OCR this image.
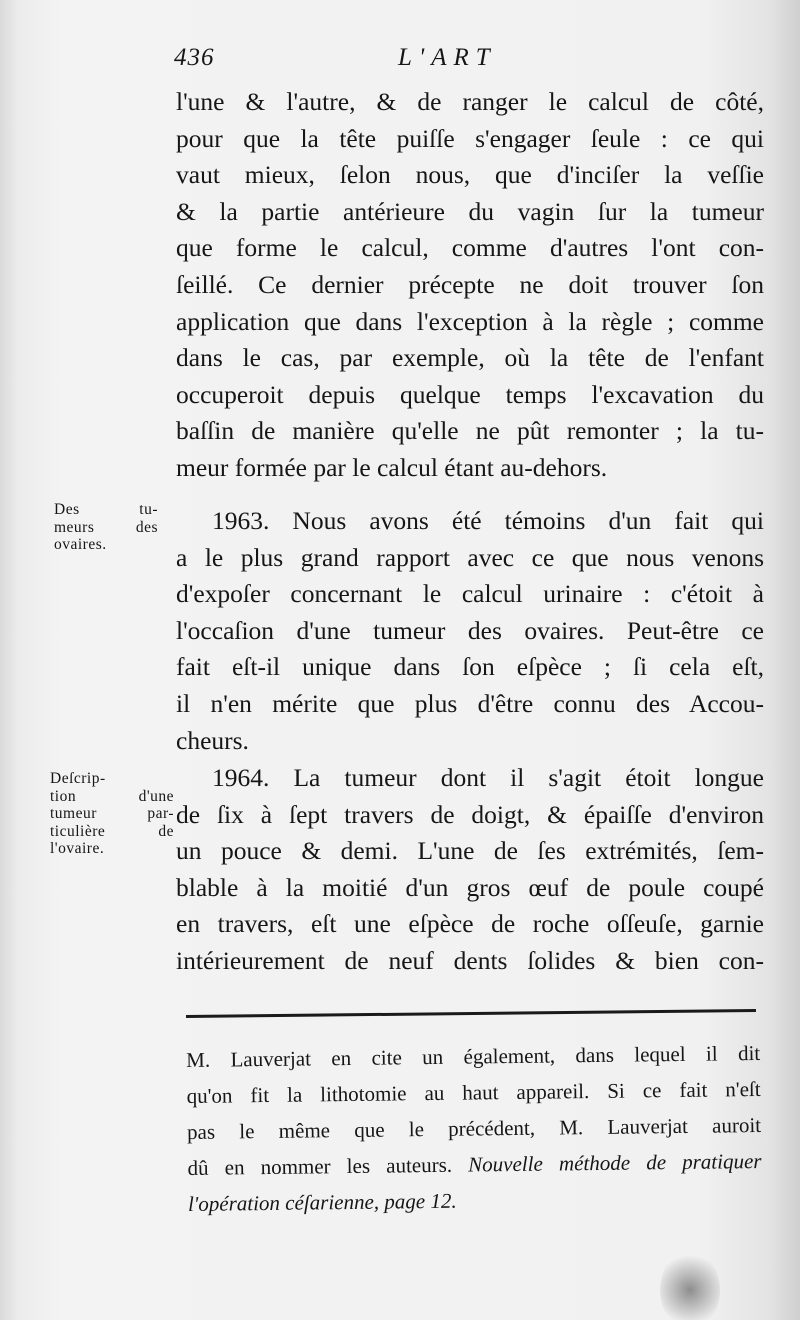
436	L'ART
l'une & l'autre, & de ranger le calcul de côté,
pour que la tête puiſſe s'engager ſeule : ce qui
vaut mieux, ſelon nous, que d'inciſer la veſſie
& la partie antérieure du vagin ſur la tumeur
que forme le calcul, comme d'autres l'ont con-
ſeillé. Ce dernier précepte ne doit trouver ſon
application que dans l'exception à la règle ; comme
dans le cas, par exemple, où la tête de l'enfant
occuperoit depuis quelque temps l'excavation du
baſſin de manière qu'elle ne pût remonter ; la tu-
meur formée par le calcul étant au-dehors.
Des tu-
meurs des
ovaires.
1963. Nous avons été témoins d'un fait qui
a le plus grand rapport avec ce que nous venons
d'expoſer concernant le calcul urinaire : c'étoit à
l'occaſion d'une tumeur des ovaires. Peut-être ce
fait eſt-il unique dans ſon eſpèce ; ſi cela eſt,
il n'en mérite que plus d'être connu des Accou-
cheurs.
Deſcrip-
tion d'une
tumeur par-
ticulière de
l'ovaire.
1964. La tumeur dont il s'agit étoit longue
de ſix à ſept travers de doigt, & épaiſſe d'environ
un pouce & demi. L'une de ſes extrémités, ſem-
blable à la moitié d'un gros œuf de poule coupé
en travers, eſt une eſpèce de roche oſſeuſe, garnie
intérieurement de neuf dents ſolides & bien con-
M. Lauverjat en cite un également, dans lequel il dit
qu'on fit la lithotomie au haut appareil. Si ce fait n'eſt
pas le même que le précédent, M. Lauverjat auroit
dû en nommer les auteurs. Nouvelle méthode de pratiquer
l'opération céſarienne, page 12.
